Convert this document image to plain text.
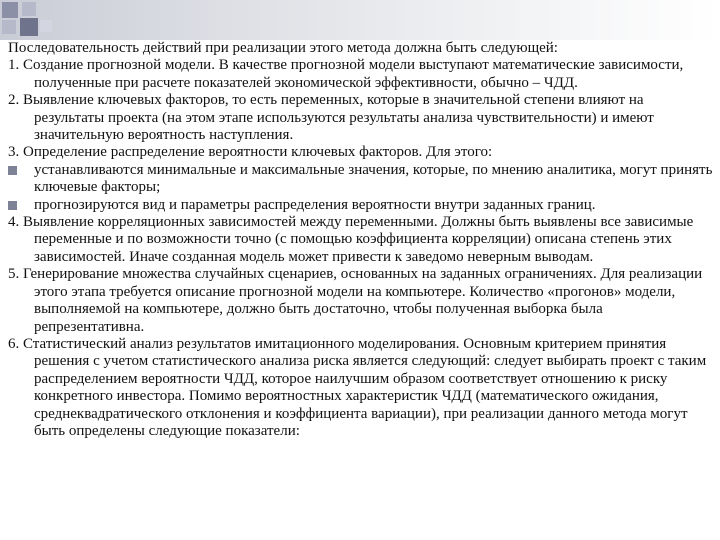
Последовательность действий при реализации этого метода должна быть следующей:

1. Создание прогнозной модели. В качестве прогнозной модели выступают математические зависимости, полученные при расчете показателей экономической эффективности, обычно – ЧДД.

2. Выявление ключевых факторов, то есть переменных, которые в значительной степени влияют на результаты проекта (на этом этапе используются результаты анализа чувствительности) и имеют значительную вероятность наступления.

3. Определение распределение вероятности ключевых факторов. Для этого:

устанавливаются минимальные и максимальные значения, которые, по мнению аналитика, могут принять ключевые факторы;
прогнозируются вид и параметры распределения вероятности внутри заданных границ.

4. Выявление корреляционных зависимостей между переменными. Должны быть выявлены все зависимые переменные и по возможности точно (с помощью коэффициента корреляции) описана степень этих зависимостей. Иначе созданная модель может привести к заведомо неверным выводам.

5. Генерирование множества случайных сценариев, основанных на заданных ограничениях. Для реализации этого этапа требуется описание прогнозной модели на компьютере. Количество «прогонов» модели, выполняемой на компьютере, должно быть достаточно, чтобы полученная выборка была репрезентативна.

6. Статистический анализ результатов имитационного моделирования. Основным критерием принятия решения с учетом статистического анализа риска является следующий: следует выбирать проект с таким распределением вероятности ЧДД, которое наилучшим образом соответствует отношению к риску конкретного инвестора. Помимо вероятностных характеристик ЧДД (математического ожидания, среднеквадратического отклонения и коэффициента вариации), при реализации данного метода могут быть определены следующие показатели:
